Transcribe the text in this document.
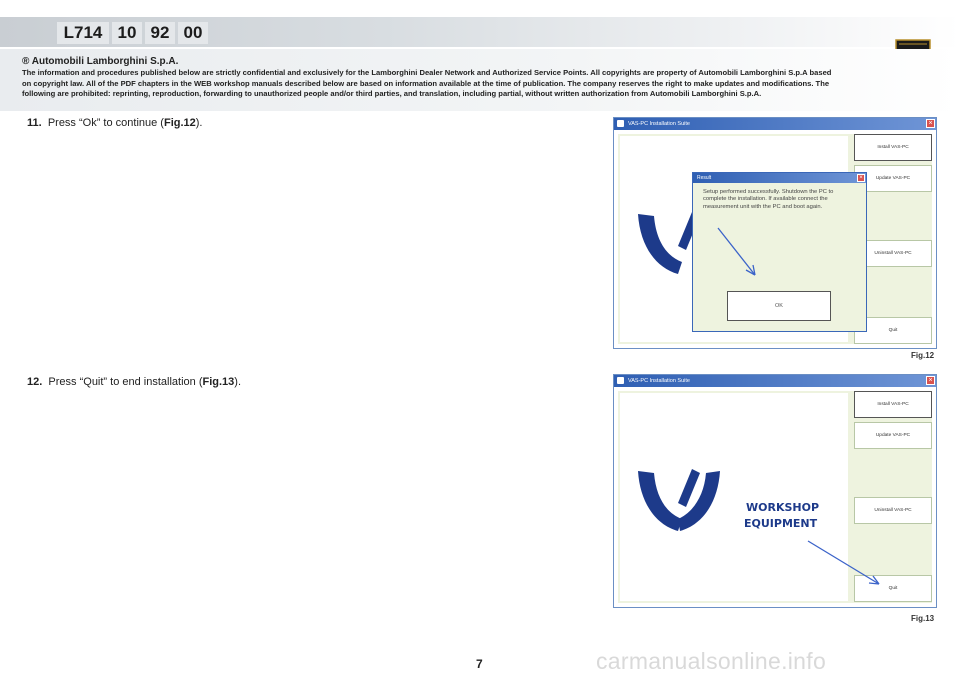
L714 10 92 00
® Automobili Lamborghini S.p.A.
The information and procedures published below are strictly confidential and exclusively for the Lamborghini Dealer Network and Authorized Service Points. All copyrights are property of Automobili Lamborghini S.p.A based on copyright law. All of the PDF chapters in the WEB workshop manuals described below are based on information available at the time of publication. The company reserves the right to make updates and modifications. The following are prohibited: reprinting, reproduction, forwarding to unauthorized people and/or third parties, and translation, including partial, without written authorization from Automobili Lamborghini S.p.A.
11. Press “Ok” to continue (Fig.12).	VAS-PC Installation Suite	×
Install VAS-PC
Update VAS-PC
Uninstall VAS-PC
Quit
Result	×
Setup performed successfully. Shutdown the PC to complete the installation. If available connect the measurement unit with the PC and boot again.
OK
Fig.12
12. Press “Quit” to end installation (Fig.13).	VAS-PC Installation Suite	×
WORKSHOP
EQUIPMENT
Install VAS-PC
Update VAS-PC
Uninstall VAS-PC
Quit
Fig.13
7	carmanualsonline.info
